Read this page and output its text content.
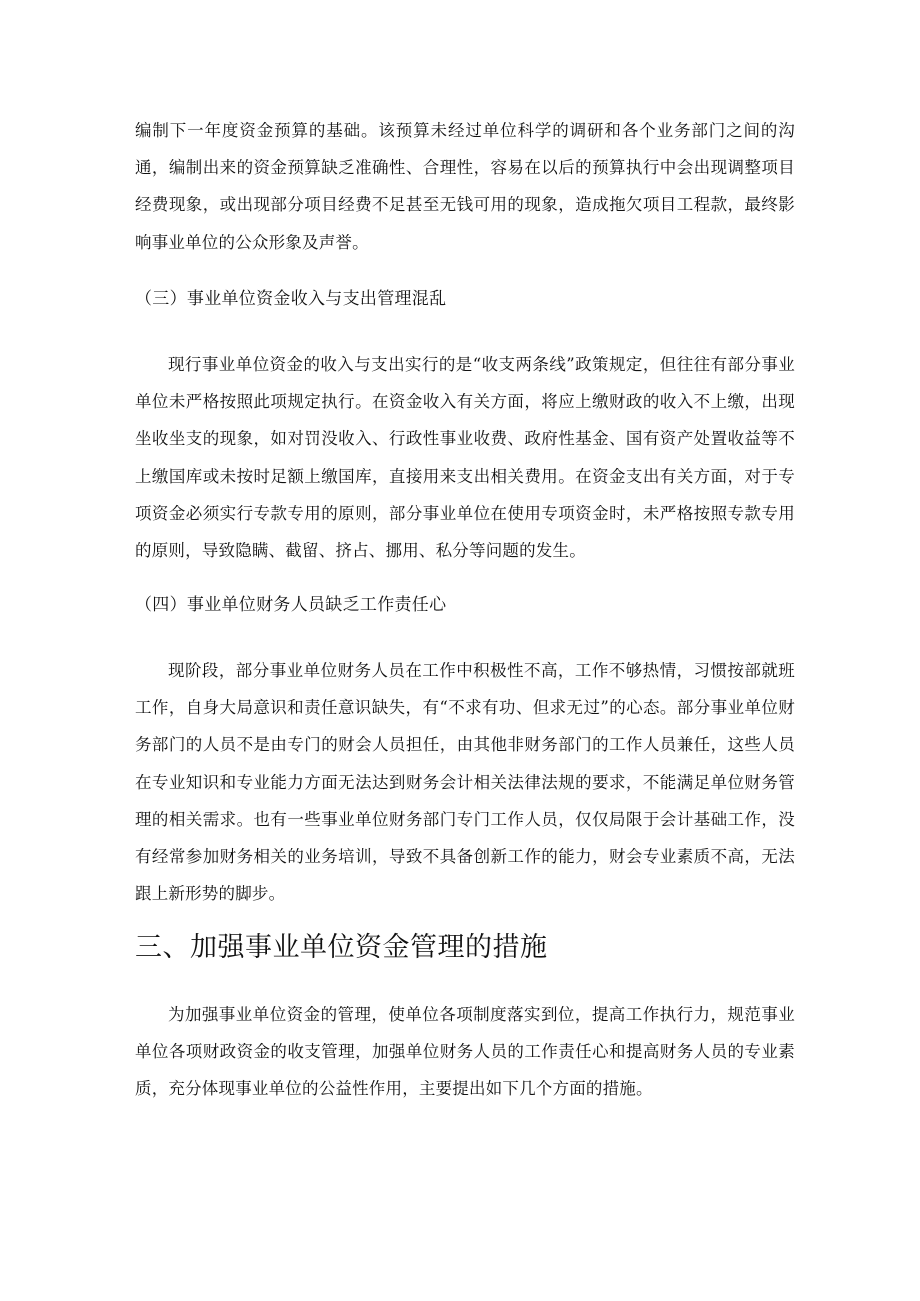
编制下一年度资金预算的基础。该预算未经过单位科学的调研和各个业务部门之间的沟通，编制出来的资金预算缺乏准确性、合理性，容易在以后的预算执行中会出现调整项目经费现象，或出现部分项目经费不足甚至无钱可用的现象，造成拖欠项目工程款，最终影响事业单位的公众形象及声誉。

（三）事业单位资金收入与支出管理混乱

现行事业单位资金的收入与支出实行的是“收支两条线”政策规定，但往往有部分事业单位未严格按照此项规定执行。在资金收入有关方面，将应上缴财政的收入不上缴，出现坐收坐支的现象，如对罚没收入、行政性事业收费、政府性基金、国有资产处置收益等不上缴国库或未按时足额上缴国库，直接用来支出相关费用。在资金支出有关方面，对于专项资金必须实行专款专用的原则，部分事业单位在使用专项资金时，未严格按照专款专用的原则，导致隐瞒、截留、挤占、挪用、私分等问题的发生。

（四）事业单位财务人员缺乏工作责任心

现阶段，部分事业单位财务人员在工作中积极性不高，工作不够热情，习惯按部就班工作，自身大局意识和责任意识缺失，有“不求有功、但求无过”的心态。部分事业单位财务部门的人员不是由专门的财会人员担任，由其他非财务部门的工作人员兼任，这些人员在专业知识和专业能力方面无法达到财务会计相关法律法规的要求，不能满足单位财务管理的相关需求。也有一些事业单位财务部门专门工作人员，仅仅局限于会计基础工作，没有经常参加财务相关的业务培训，导致不具备创新工作的能力，财会专业素质不高，无法跟上新形势的脚步。

三、加强事业单位资金管理的措施

为加强事业单位资金的管理，使单位各项制度落实到位，提高工作执行力，规范事业单位各项财政资金的收支管理，加强单位财务人员的工作责任心和提高财务人员的专业素质，充分体现事业单位的公益性作用，主要提出如下几个方面的措施。
